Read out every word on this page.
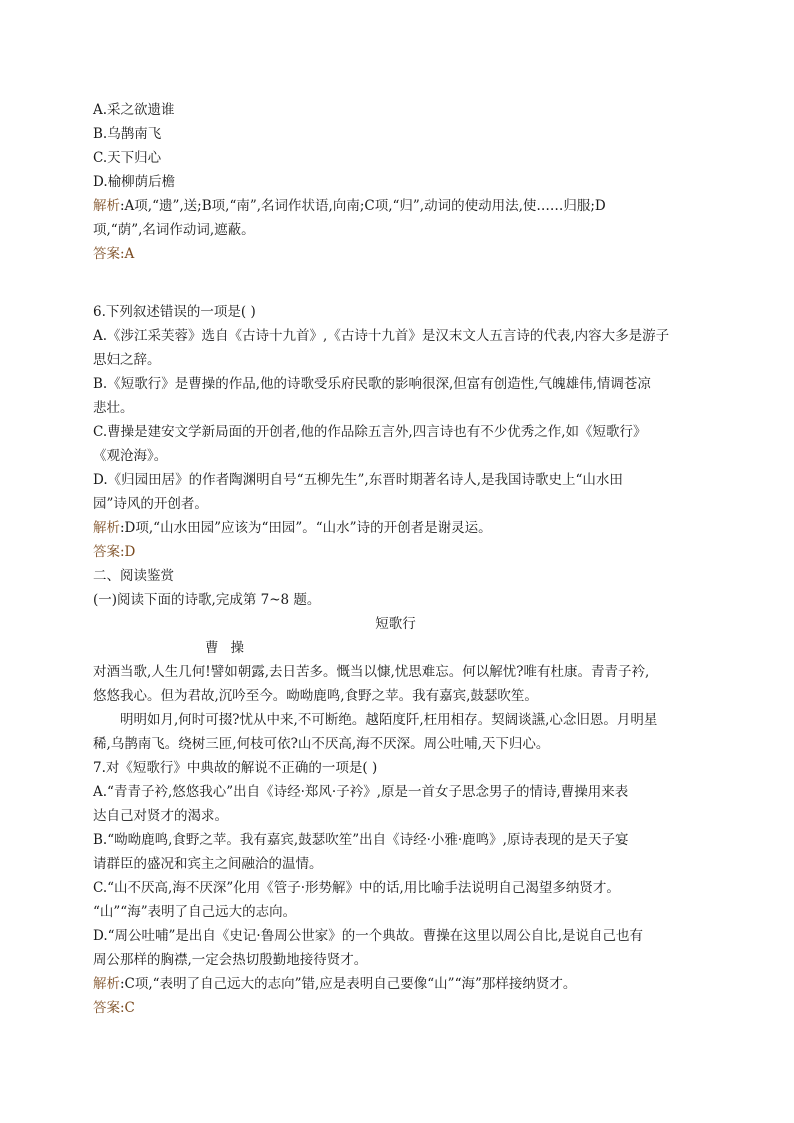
A.采之欲遗谁
B.乌鹊南飞
C.天下归心
D.榆柳荫后檐
解析:A项,“遗”,送;B项,“南”,名词作状语,向南;C项,“归”,动词的使动用法,使……归服;D
项,“荫”,名词作动词,遮蔽。
答案:A
6.下列叙述错误的一项是( )
A.《涉江采芙蓉》选自《古诗十九首》,《古诗十九首》是汉末文人五言诗的代表,内容大多是游子
思妇之辞。
B.《短歌行》是曹操的作品,他的诗歌受乐府民歌的影响很深,但富有创造性,气魄雄伟,情调苍凉
悲壮。
C.曹操是建安文学新局面的开创者,他的作品除五言外,四言诗也有不少优秀之作,如《短歌行》
《观沧海》。
D.《归园田居》的作者陶渊明自号“五柳先生”,东晋时期著名诗人,是我国诗歌史上“山水田
园”诗风的开创者。
解析:D项,“山水田园”应该为“田园”。“山水”诗的开创者是谢灵运。
答案:D
二、阅读鉴赏
(一)阅读下面的诗歌,完成第 7~8 题。
短歌行
曹操
对酒当歌,人生几何!譬如朝露,去日苦多。慨当以慷,忧思难忘。何以解忧?唯有杜康。青青子衿,
悠悠我心。但为君故,沉吟至今。呦呦鹿鸣,食野之苹。我有嘉宾,鼓瑟吹笙。
明明如月,何时可掇?忧从中来,不可断绝。越陌度阡,枉用相存。契阔谈讌,心念旧恩。月明星
稀,乌鹊南飞。绕树三匝,何枝可依?山不厌高,海不厌深。周公吐哺,天下归心。
7.对《短歌行》中典故的解说不正确的一项是( )
A.“青青子衿,悠悠我心”出自《诗经·郑风·子衿》,原是一首女子思念男子的情诗,曹操用来表
达自己对贤才的渴求。
B.“呦呦鹿鸣,食野之苹。我有嘉宾,鼓瑟吹笙”出自《诗经·小雅·鹿鸣》,原诗表现的是天子宴
请群臣的盛况和宾主之间融洽的温情。
C.“山不厌高,海不厌深”化用《管子·形势解》中的话,用比喻手法说明自己渴望多纳贤才。
“山”“海”表明了自己远大的志向。
D.“周公吐哺”是出自《史记·鲁周公世家》的一个典故。曹操在这里以周公自比,是说自己也有
周公那样的胸襟,一定会热切殷勤地接待贤才。
解析:C项,“表明了自己远大的志向”错,应是表明自己要像“山”“海”那样接纳贤才。
答案:C
